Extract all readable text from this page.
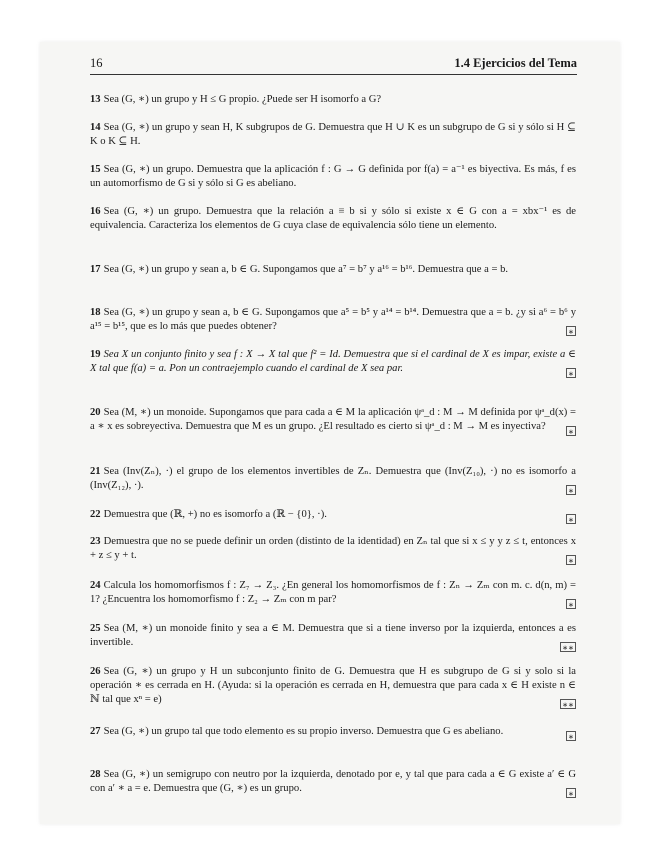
16	1.4 Ejercicios del Tema
13 Sea (G, ∗) un grupo y H ≤ G propio. ¿Puede ser H isomorfo a G?
14 Sea (G, ∗) un grupo y sean H, K subgrupos de G. Demuestra que H ∪ K es un subgrupo de G si y sólo si H ⊆ K o K ⊆ H.
15 Sea (G, ∗) un grupo. Demuestra que la aplicación f : G → G definida por f(a) = a⁻¹ es biyectiva. Es más, f es un automorfismo de G si y sólo si G es abeliano.
16 Sea (G, ∗) un grupo. Demuestra que la relación a ≡ b si y sólo si existe x ∈ G con a = xbx⁻¹ es de equivalencia. Caracteriza los elementos de G cuya clase de equivalencia sólo tiene un elemento.
17 Sea (G, ∗) un grupo y sean a, b ∈ G. Supongamos que a⁷ = b⁷ y a¹⁶ = b¹⁶. Demuestra que a = b.
18 Sea (G, ∗) un grupo y sean a, b ∈ G. Supongamos que a⁵ = b⁵ y a¹⁴ = b¹⁴. Demuestra que a = b. ¿y si a⁶ = b⁶ y a¹⁵ = b¹⁵, que es lo más que puedes obtener?	∗
19 Sea X un conjunto finito y sea f : X → X tal que f² = Id. Demuestra que si el cardinal de X es impar, existe a ∈ X tal que f(a) = a. Pon un contraejemplo cuando el cardinal de X sea par.	∗
20 Sea (M, ∗) un monoide. Supongamos que para cada a ∈ M la aplicación ψᵃ_d : M → M definida por ψᵃ_d(x) = a ∗ x es sobreyectiva. Demuestra que M es un grupo. ¿El resultado es cierto si ψᵃ_d : M → M es inyectiva?	∗
21 Sea (Inv(Zₙ), ·) el grupo de los elementos invertibles de Zₙ. Demuestra que (Inv(Z₁₀), ·) no es isomorfo a (Inv(Z₁₂), ·).	∗
22 Demuestra que (ℝ, +) no es isomorfo a (ℝ − {0}, ·).	∗
23 Demuestra que no se puede definir un orden (distinto de la identidad) en Zₙ tal que si x ≤ y y z ≤ t, entonces x + z ≤ y + t.	∗
24 Calcula los homomorfismos f : Z₇ → Z₃. ¿En general los homomorfismos de f : Zₙ → Zₘ con m. c. d(n, m) = 1? ¿Encuentra los homomorfismo f : Z₂ → Zₘ con m par?	∗
25 Sea (M, ∗) un monoide finito y sea a ∈ M. Demuestra que si a tiene inverso por la izquierda, entonces a es invertible.	∗∗
26 Sea (G, ∗) un grupo y H un subconjunto finito de G. Demuestra que H es subgrupo de G si y solo si la operación ∗ es cerrada en H. (Ayuda: si la operación es cerrada en H, demuestra que para cada x ∈ H existe n ∈ ℕ tal que xⁿ = e)	∗∗
27 Sea (G, ∗) un grupo tal que todo elemento es su propio inverso. Demuestra que G es abeliano.	∗
28 Sea (G, ∗) un semigrupo con neutro por la izquierda, denotado por e, y tal que para cada a ∈ G existe a′ ∈ G con a′ ∗ a = e. Demuestra que (G, ∗) es un grupo.	∗
